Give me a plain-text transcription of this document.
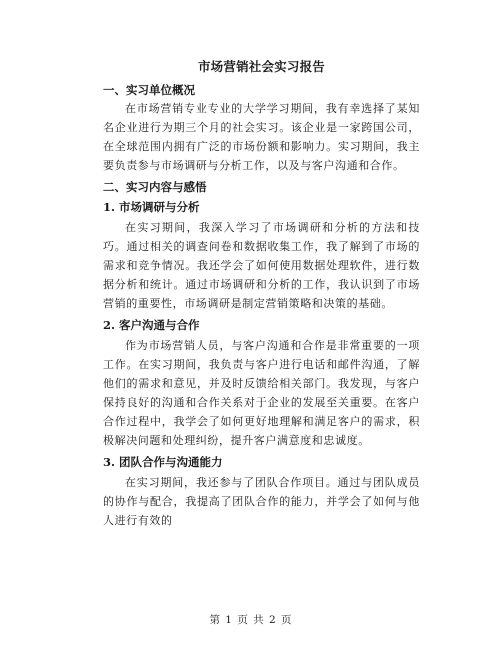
市场营销社会实习报告
一、实习单位概况

在市场营销专业专业的大学学习期间，我有幸选择了某知名企业进行为期三个月的社会实习。该企业是一家跨国公司，在全球范围内拥有广泛的市场份额和影响力。实习期间，我主要负责参与市场调研与分析工作，以及与客户沟通和合作。

二、实习内容与感悟
1. 市场调研与分析

在实习期间，我深入学习了市场调研和分析的方法和技巧。通过相关的调查问卷和数据收集工作，我了解到了市场的需求和竞争情况。我还学会了如何使用数据处理软件，进行数据分析和统计。通过市场调研和分析的工作，我认识到了市场营销的重要性，市场调研是制定营销策略和决策的基础。

2. 客户沟通与合作

作为市场营销人员，与客户沟通和合作是非常重要的一项工作。在实习期间，我负责与客户进行电话和邮件沟通，了解他们的需求和意见，并及时反馈给相关部门。我发现，与客户保持良好的沟通和合作关系对于企业的发展至关重要。在客户合作过程中，我学会了如何更好地理解和满足客户的需求，积极解决问题和处理纠纷，提升客户满意度和忠诚度。

3. 团队合作与沟通能力

在实习期间，我还参与了团队合作项目。通过与团队成员的协作与配合，我提高了团队合作的能力，并学会了如何与他人进行有效的

第 1 页 共 2 页
